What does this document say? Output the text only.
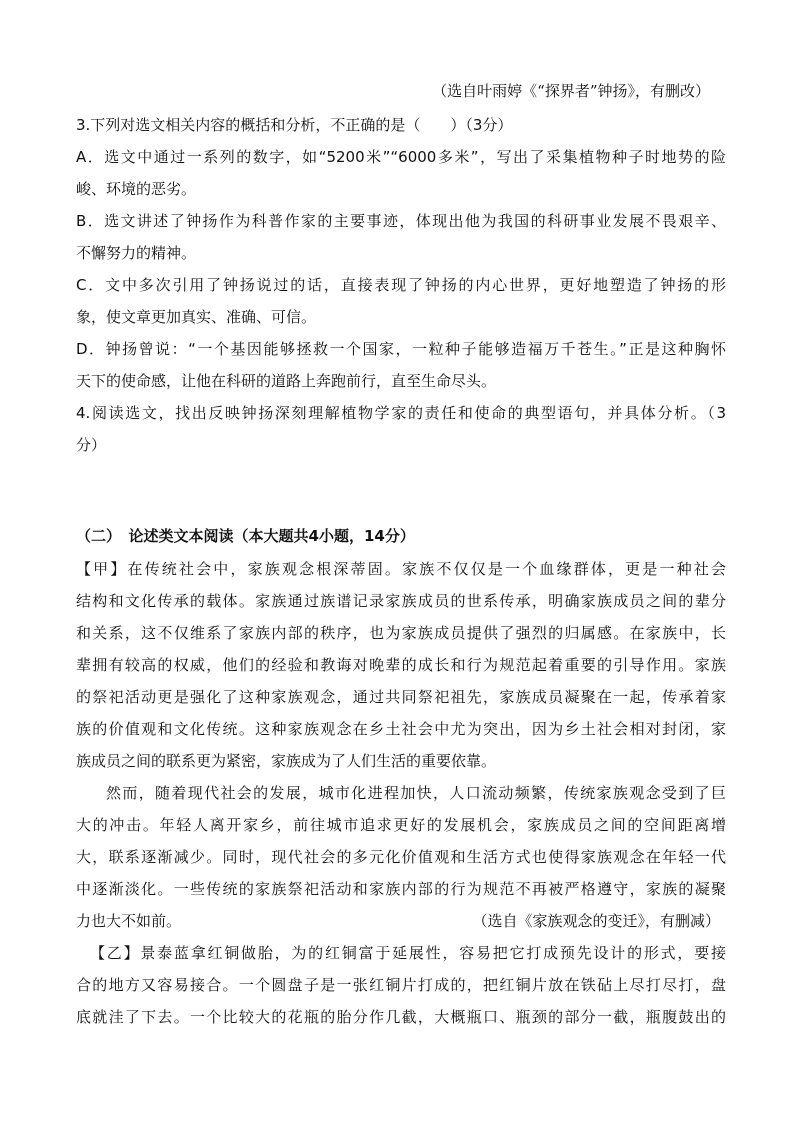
（选自叶雨婷《“探界者”钟扬》，有删改）
3.下列对选文相关内容的概括和分析，不正确的是（　　）（3分）
A．选文中通过一系列的数字，如“5200米”“6000多米”，写出了采集植物种子时地势的险
峻、环境的恶劣。
B．选文讲述了钟扬作为科普作家的主要事迹，体现出他为我国的科研事业发展不畏艰辛、
不懈努力的精神。
C．文中多次引用了钟扬说过的话，直接表现了钟扬的内心世界，更好地塑造了钟扬的形
象，使文章更加真实、准确、可信。
D．钟扬曾说：“一个基因能够拯救一个国家，一粒种子能够造福万千苍生。”正是这种胸怀
天下的使命感，让他在科研的道路上奔跑前行，直至生命尽头。
4.阅读选文，找出反映钟扬深刻理解植物学家的责任和使命的典型语句，并具体分析。（3
分）
（二）　论述类文本阅读（本大题共4小题，14分）
【甲】在传统社会中，家族观念根深蒂固。家族不仅仅是一个血缘群体，更是一种社会
结构和文化传承的载体。家族通过族谱记录家族成员的世系传承，明确家族成员之间的辈分
和关系，这不仅维系了家族内部的秩序，也为家族成员提供了强烈的归属感。在家族中，长
辈拥有较高的权威，他们的经验和教诲对晚辈的成长和行为规范起着重要的引导作用。家族
的祭祀活动更是强化了这种家族观念，通过共同祭祀祖先，家族成员凝聚在一起，传承着家
族的价值观和文化传统。这种家族观念在乡土社会中尤为突出，因为乡土社会相对封闭，家
族成员之间的联系更为紧密，家族成为了人们生活的重要依靠。
然而，随着现代社会的发展，城市化进程加快，人口流动频繁，传统家族观念受到了巨
大的冲击。年轻人离开家乡，前往城市追求更好的发展机会，家族成员之间的空间距离增
大，联系逐渐减少。同时，现代社会的多元化价值观和生活方式也使得家族观念在年轻一代
中逐渐淡化。一些传统的家族祭祀活动和家族内部的行为规范不再被严格遵守，家族的凝聚
力也大不如前。	（选自《家族观念的变迁》，有删减）
【乙】景泰蓝拿红铜做胎，为的红铜富于延展性，容易把它打成预先设计的形式，要接
合的地方又容易接合。一个圆盘子是一张红铜片打成的，把红铜片放在铁砧上尽打尽打，盘
底就洼了下去。一个比较大的花瓶的胎分作几截，大概瓶口、瓶颈的部分一截，瓶腹鼓出的
